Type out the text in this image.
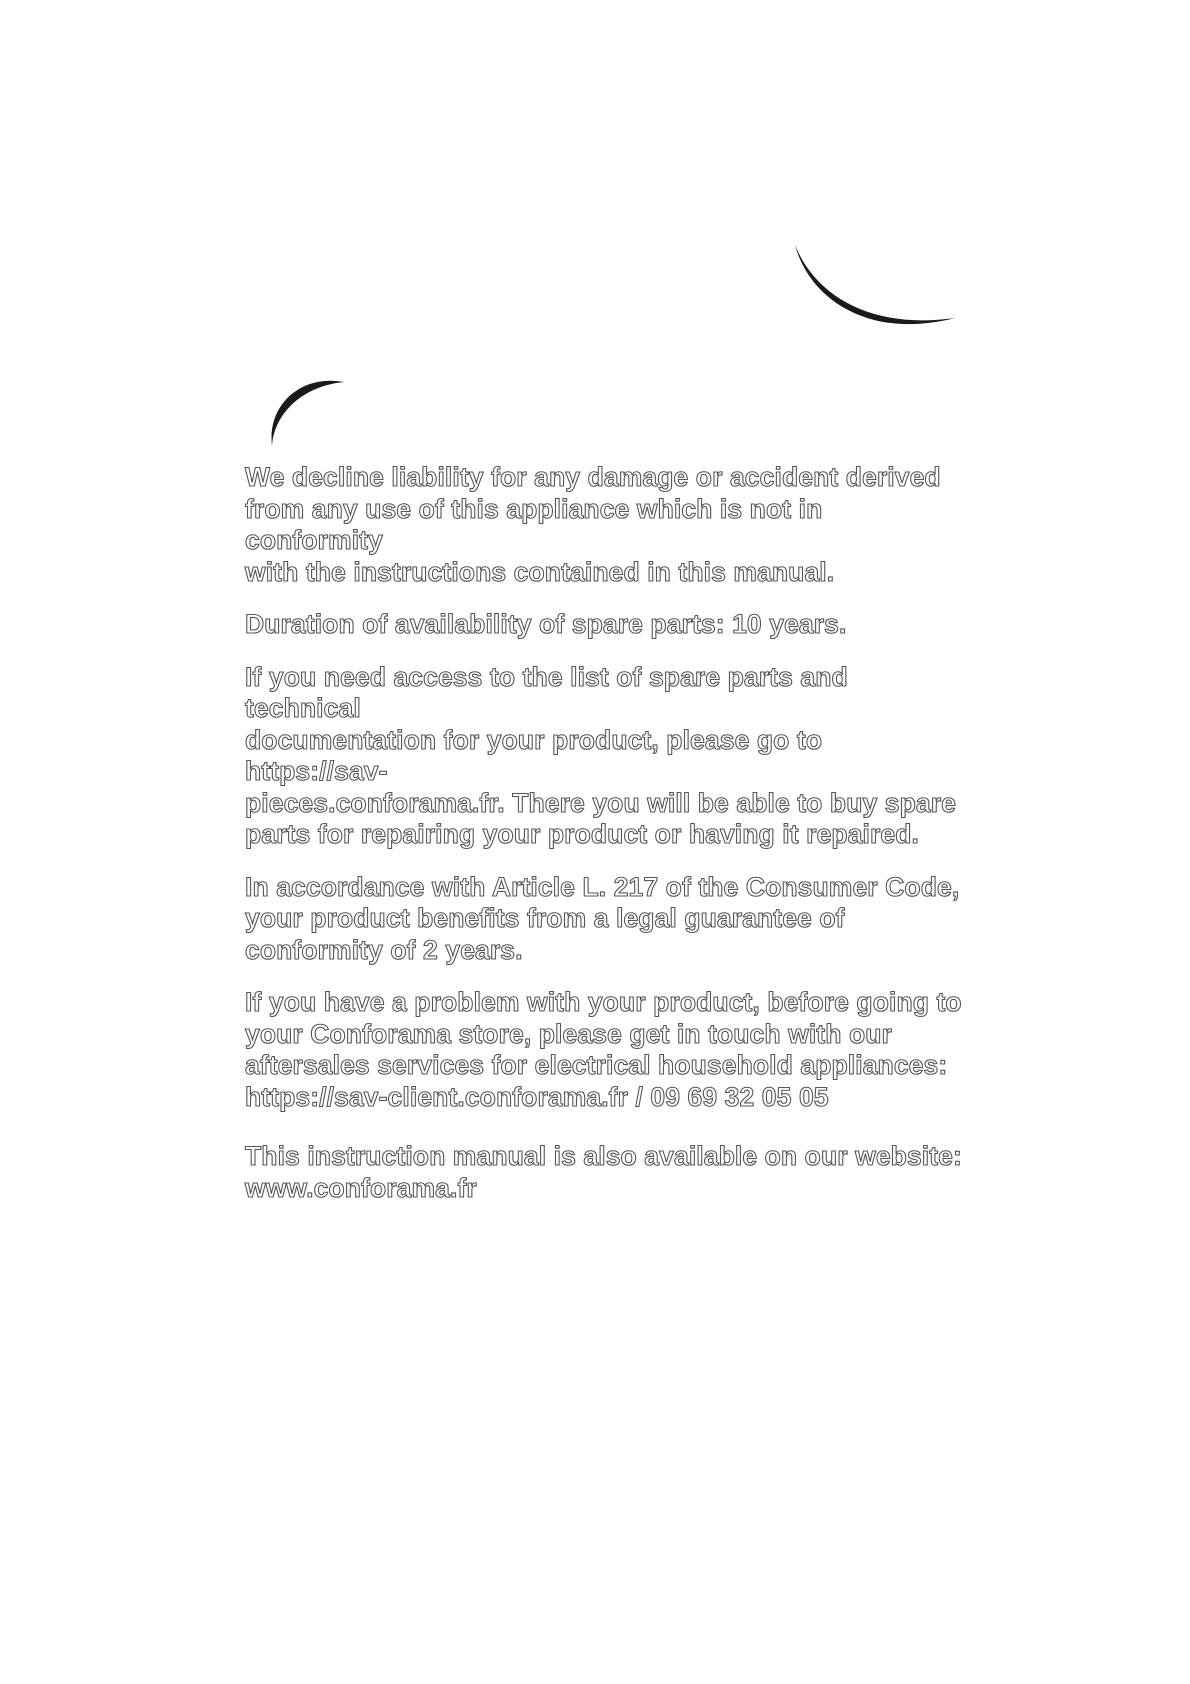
We decline liability for any damage or accident derived
from any use of this appliance which is not in conformity
with the instructions contained in this manual.

Duration of availability of spare parts: 10 years.

If you need access to the list of spare parts and technical
documentation for your product, please go to https://sav-
pieces.conforama.fr. There you will be able to buy spare
parts for repairing your product or having it repaired.

In accordance with Article L. 217 of the Consumer Code,
your product benefits from a legal guarantee of
conformity of 2 years.

If you have a problem with your product, before going to
your Conforama store, please get in touch with our
aftersales services for electrical household appliances:
https://sav-client.conforama.fr / 09 69 32 05 05

This instruction manual is also available on our website:
www.conforama.fr
